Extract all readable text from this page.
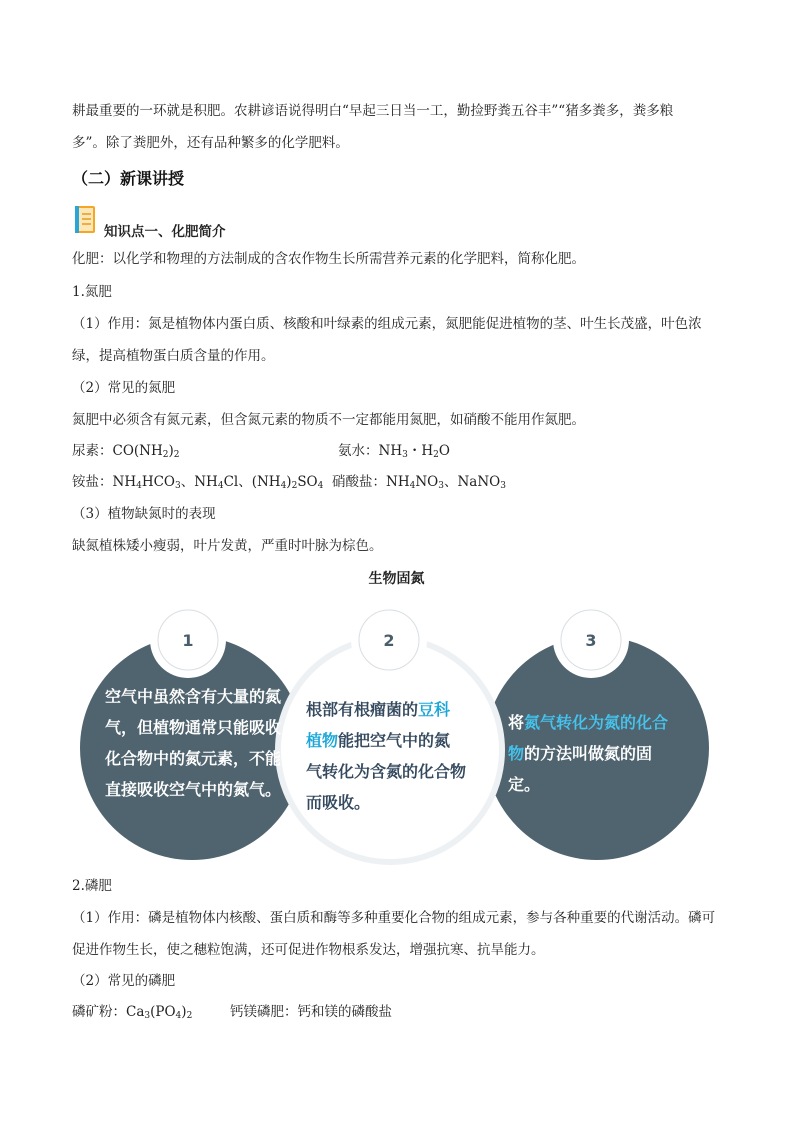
耕最重要的一环就是积肥。农耕谚语说得明白“早起三日当一工，勤捡野粪五谷丰”“猪多粪多，粪多粮
多”。除了粪肥外，还有品种繁多的化学肥料。
（二）新课讲授
知识点一、化肥简介
化肥：以化学和物理的方法制成的含农作物生长所需营养元素的化学肥料，简称化肥。
1.氮肥
（1）作用：氮是植物体内蛋白质、核酸和叶绿素的组成元素，氮肥能促进植物的茎、叶生长茂盛，叶色浓绿，提高植物蛋白质含量的作用。
（2）常见的氮肥
氮肥中必须含有氮元素，但含氮元素的物质不一定都能用氮肥，如硝酸不能用作氮肥。
尿素：$CO(NH_2)_2$	氨水：$NH_3$・$H_2O$
铵盐：$NH_4HCO_3$、$NH_4Cl$、$(NH_4)_2SO_4$ 硝酸盐：$NH_4NO_3$、NaNO$_3$
（3）植物缺氮时的表现
缺氮植株矮小瘦弱，叶片发黄，严重时叶脉为棕色。
生物固氮
1	2	3
空气中虽然含有大量的氮气，但植物通常只能吸收化合物中的氮元素，不能直接吸收空气中的氮气。
根部有根瘤菌的豆科植物能把空气中的氮气转化为含氮的化合物而吸收。
将氮气转化为氮的化合物的方法叫做氮的固定。
2.磷肥
（1）作用：磷是植物体内核酸、蛋白质和酶等多种重要化合物的组成元素，参与各种重要的代谢活动。磷可促进作物生长，使之穗粒饱满，还可促进作物根系发达，增强抗寒、抗旱能力。
（2）常见的磷肥
磷矿粉：$Ca_3(PO_4)_2$	钙镁磷肥：钙和镁的磷酸盐
